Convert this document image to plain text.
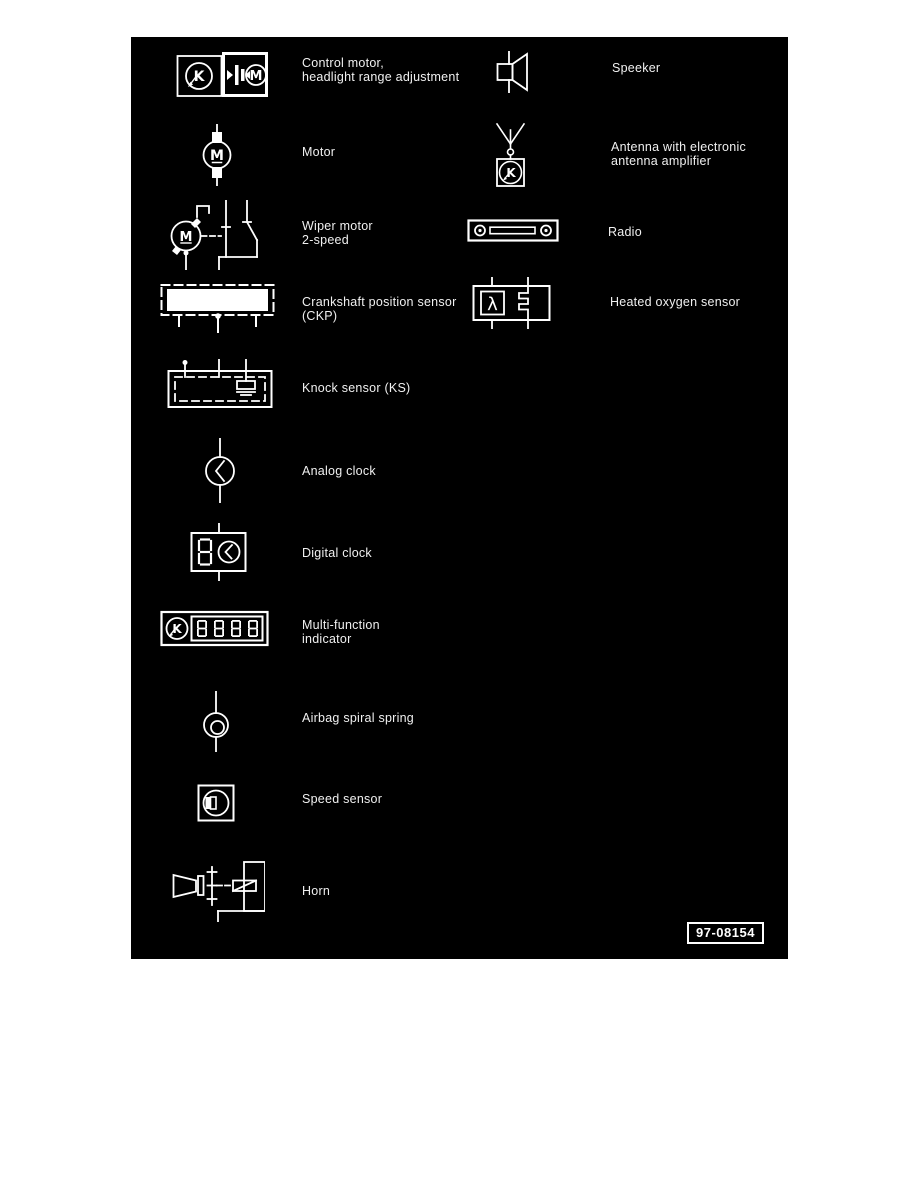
K	M
Control motor,
headlight range adjustment
M	Motor
M
Wiper motor
2-speed
Crankshaft position sensor
(CKP)
Knock sensor (KS)
Analog clock
Digital clock
K	Multi-function
indicator
Airbag spiral spring
Speed sensor
Horn
Speeker
K
Antenna with electronic
antenna amplifier
Radio
λ	Heated oxygen sensor
97-08154
